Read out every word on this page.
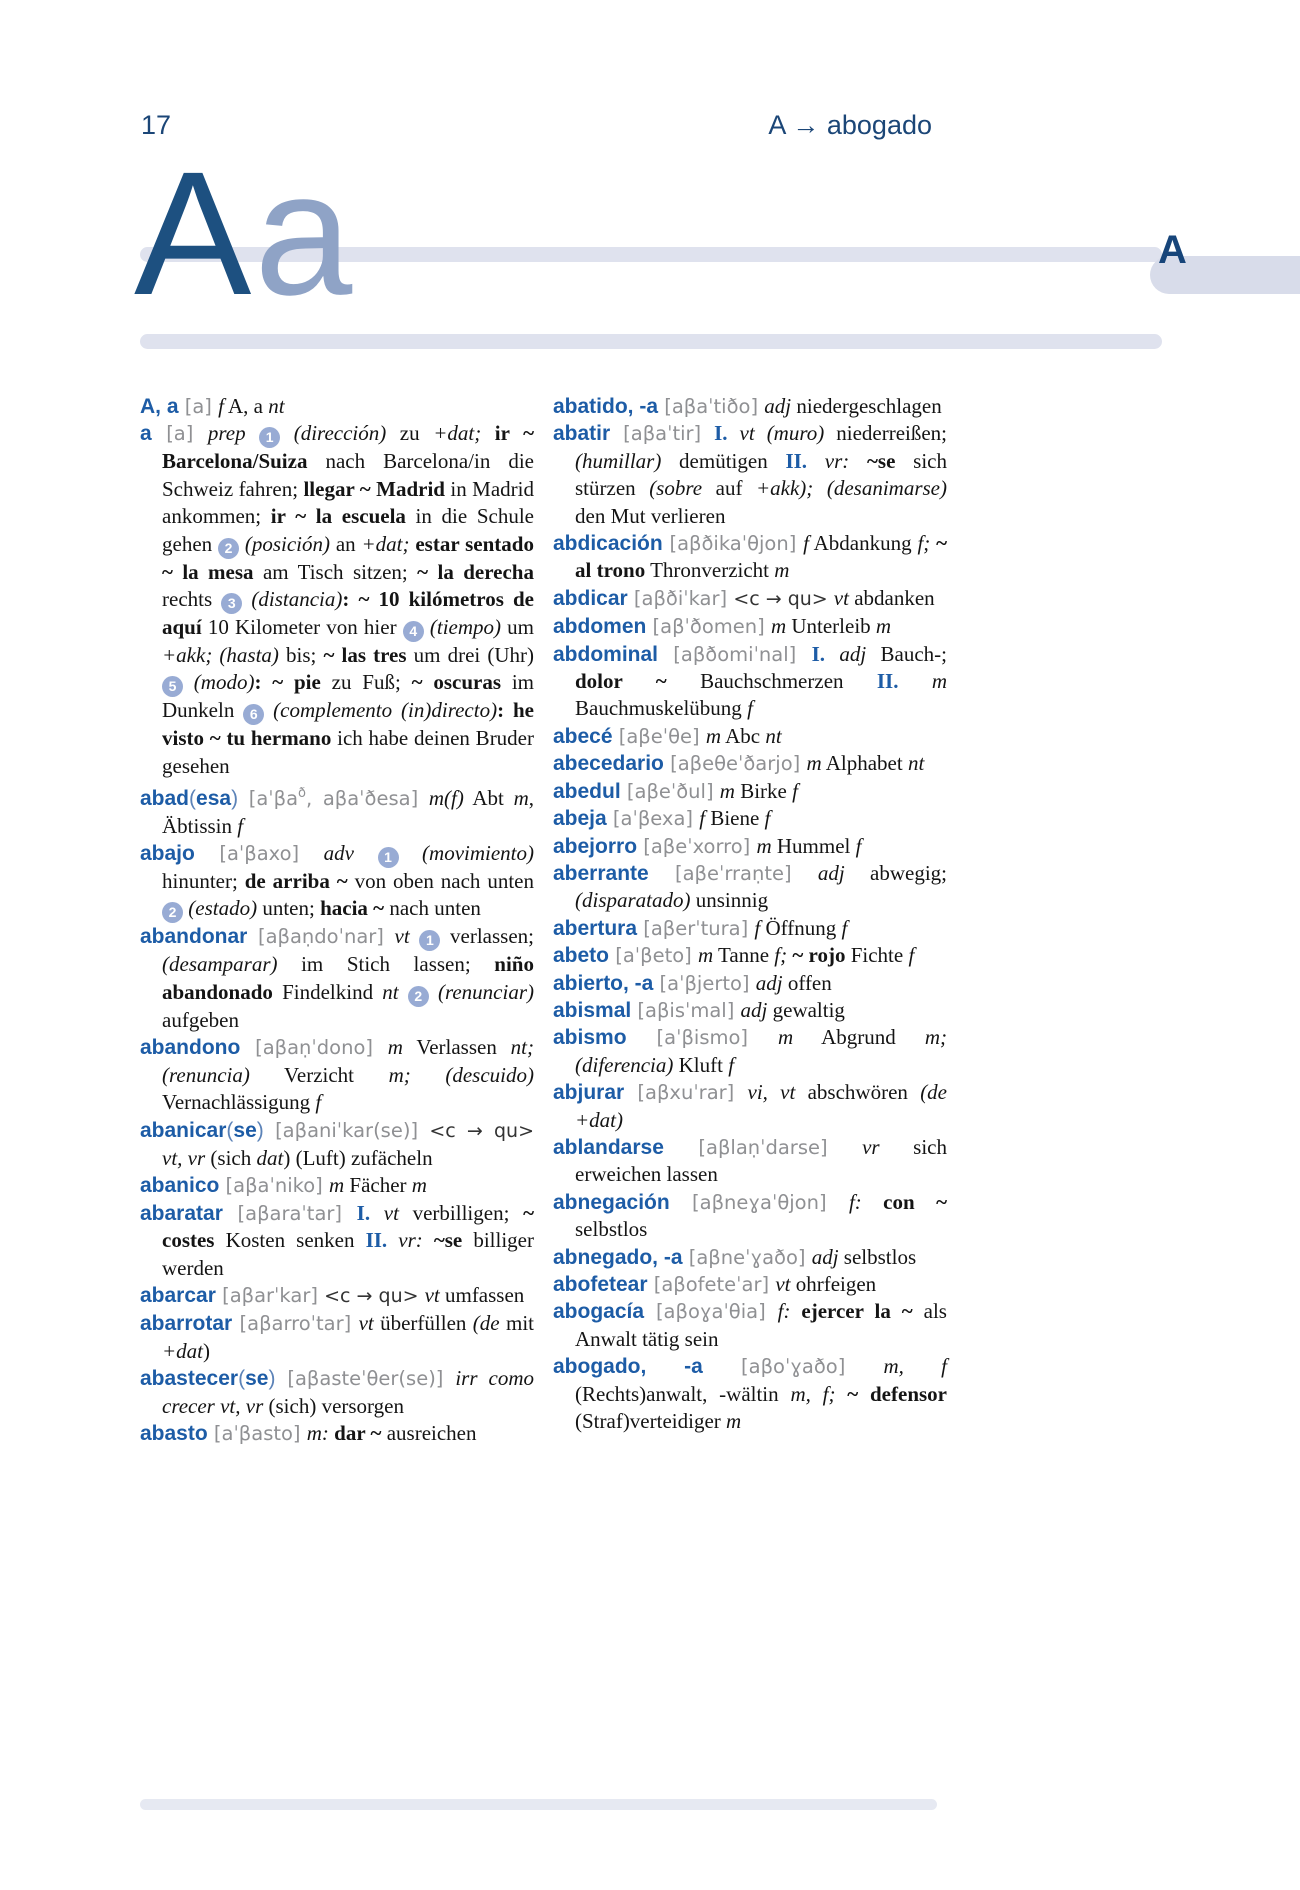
17	A → abogado
Aa	A

A, a [a] f A, a nt

a [a] prep 1 (dirección) zu +dat; ir ~ Barcelona/Suiza nach Barcelona/in die Schweiz fahren; llegar ~ Madrid in Madrid ankommen; ir ~ la escuela in die Schule gehen 2 (posición) an +dat; estar sentado ~ la mesa am Tisch sitzen; ~ la derecha rechts 3 (distancia): ~ 10 kilómetros de aquí 10 Kilometer von hier 4 (tiempo) um +akk; (hasta) bis; ~ las tres um drei (Uhr) 5 (modo): ~ pie zu Fuß; ~ oscuras im Dunkeln 6 (complemento (in)directo): he visto ~ tu hermano ich habe deinen Bruder gesehen

abad(esa) [aˈβa$^ð$, aβaˈðesa] m(f) Abt m, Äbtissin f

abajo [aˈβaxo] adv 1 (movimiento) hinunter; de arriba ~ von oben nach unten 2 (estado) unten; hacia ~ nach unten

abandonar [aβaṇdoˈnar] vt 1 verlassen; (desamparar) im Stich lassen; niño abandonado Findelkind nt 2 (renunciar) aufgeben

abandono [aβaṇˈdono] m Verlassen nt; (renuncia) Verzicht m; (descuido) Vernachlässigung f

abanicar(se) [aβaniˈkar(se)] <c → qu> vt, vr (sich dat) (Luft) zufächeln

abanico [aβaˈniko] m Fächer m

abaratar [aβaraˈtar] I. vt verbilligen; ~ costes Kosten senken II. vr: ~se billiger werden

abarcar [aβarˈkar] <c → qu> vt umfassen

abarrotar [aβarroˈtar] vt überfüllen (de mit +dat)

abastecer(se) [aβasteˈθer(se)] irr como crecer vt, vr (sich) versorgen

abasto [aˈβasto] m: dar ~ ausreichen

abatido, -a [aβaˈtiðo] adj niedergeschlagen

abatir [aβaˈtir] I. vt (muro) niederreißen; (humillar) demütigen II. vr: ~se sich stürzen (sobre auf +akk); (desanimarse) den Mut verlieren

abdicación [aβðikaˈθjon] f Abdankung f; ~ al trono Thronverzicht m

abdicar [aβðiˈkar] <c → qu> vt abdanken

abdomen [aβˈðomen] m Unterleib m

abdominal [aβðomiˈnal] I. adj Bauch-; dolor ~ Bauchschmerzen II. m Bauchmuskelübung f

abecé [aβeˈθe] m Abc nt

abecedario [aβeθeˈðarjo] m Alphabet nt

abedul [aβeˈðul] m Birke f

abeja [aˈβexa] f Biene f

abejorro [aβeˈxorro] m Hummel f

aberrante [aβeˈrraṇte] adj abwegig; (disparatado) unsinnig

abertura [aβerˈtura] f Öffnung f

abeto [aˈβeto] m Tanne f; ~ rojo Fichte f

abierto, -a [aˈβjerto] adj offen

abismal [aβisˈmal] adj gewaltig

abismo [aˈβismo] m Abgrund m; (diferencia) Kluft f

abjurar [aβxuˈrar] vi, vt abschwören (de +dat)

ablandarse [aβlaṇˈdarse] vr sich erweichen lassen

abnegación [aβneɣaˈθjon] f: con ~ selbstlos

abnegado, -a [aβneˈɣaðo] adj selbstlos

abofetear [aβofeteˈar] vt ohrfeigen

abogacía [aβoɣaˈθia] f: ejercer la ~ als Anwalt tätig sein

abogado, -a [aβoˈɣaðo] m, f (Rechts)anwalt, -wältin m, f; ~ defensor (Straf)verteidiger m
